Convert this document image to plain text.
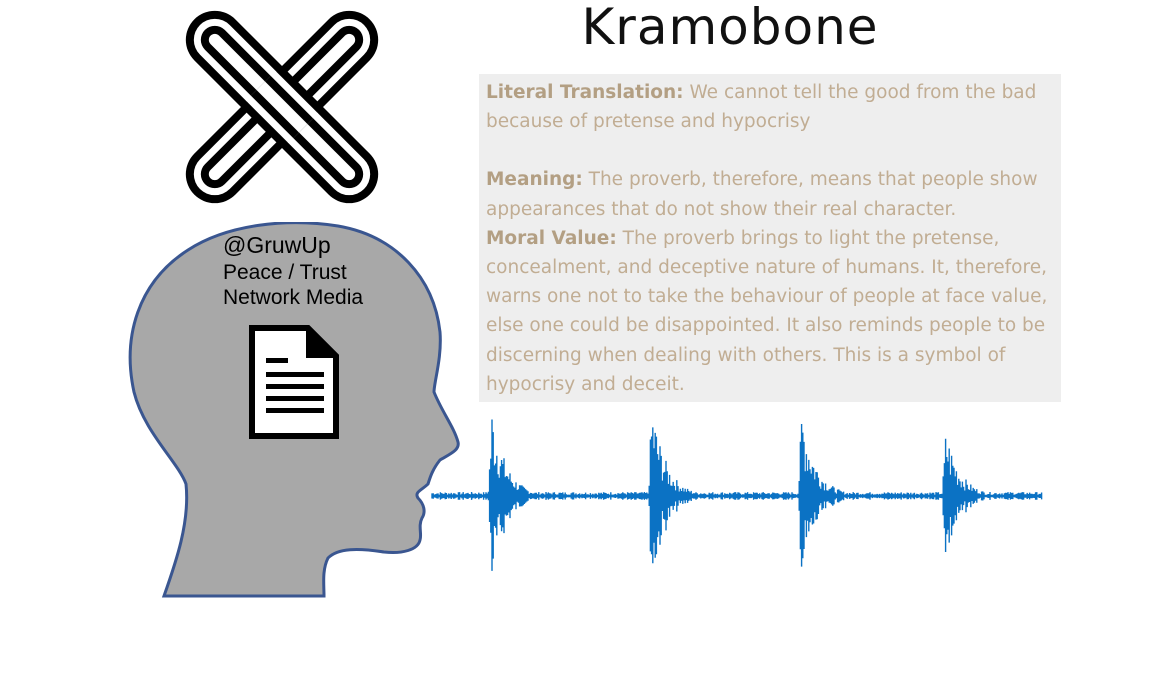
Kramobone

Literal Translation: We cannot tell the good from the bad because of pretense and hypocrisy

Meaning: The proverb, therefore, means that people show appearances that do not show their real character.

Moral Value: The proverb brings to light the pretense, concealment, and deceptive nature of humans. It, therefore, warns one not to take the behaviour of people at face value, else one could be disappointed. It also reminds people to be discerning when dealing with others. This is a symbol of hypocrisy and deceit.

@GruwUp
Peace / Trust
Network Media
